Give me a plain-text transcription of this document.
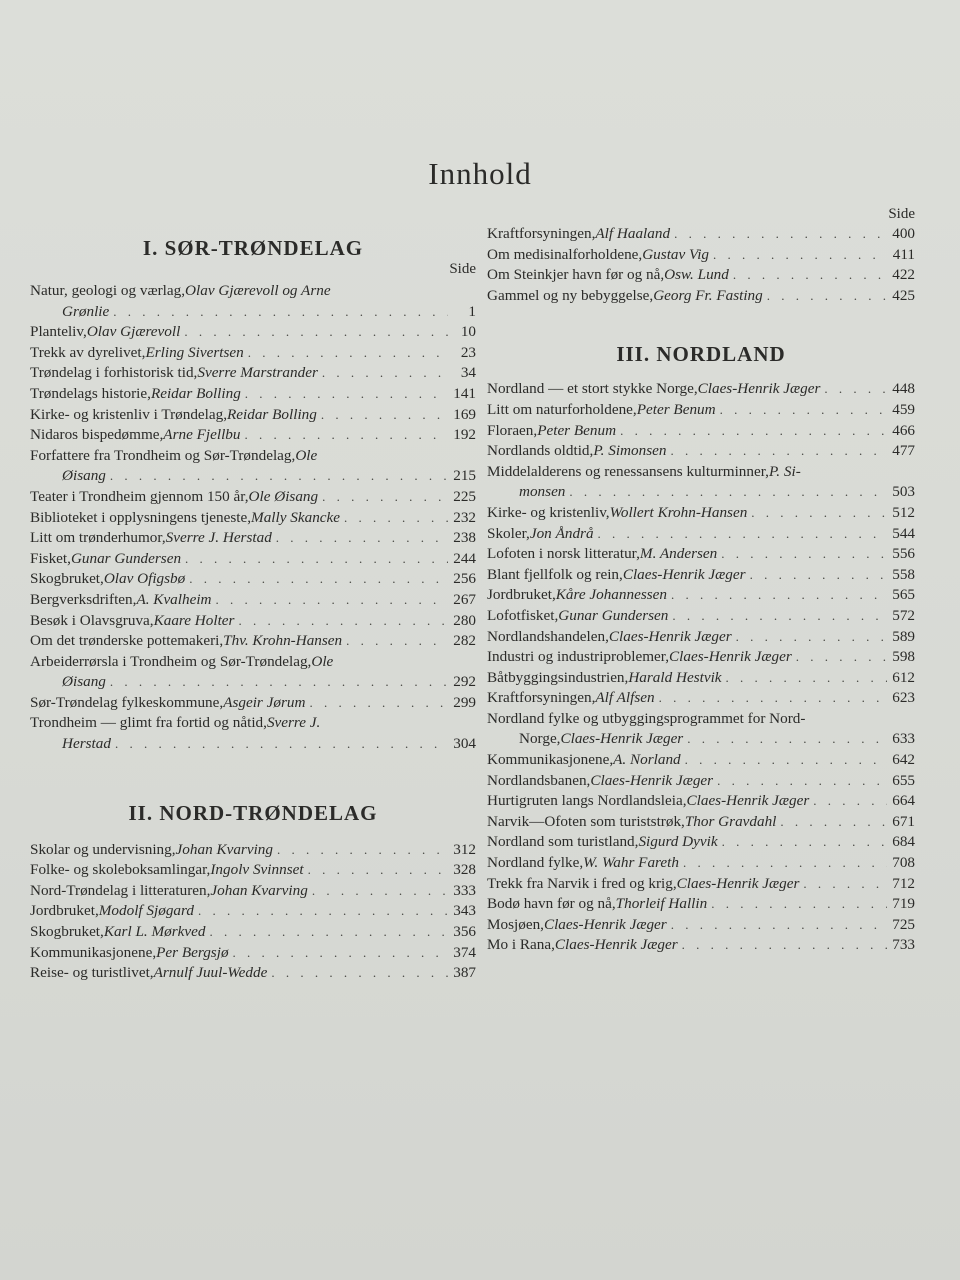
Innhold
I. SØR-TRØNDELAG
Side
Natur, geologi og værlag, Olav Gjærevoll og Arne
Grønlie . . .	1
Planteliv, Olav Gjærevoll . . .	10
Trekk av dyrelivet, Erling Sivertsen . . .	23
Trøndelag i forhistorisk tid, Sverre Marstrander . . .	34
Trøndelags historie, Reidar Bolling . . .	141
Kirke- og kristenliv i Trøndelag, Reidar Bolling . . .	169
Nidaros bispedømme, Arne Fjellbu . . .	192
Forfattere fra Trondheim og Sør-Trøndelag, Ole
Øisang . . .	215
Teater i Trondheim gjennom 150 år, Ole Øisang . . .	225
Biblioteket i opplysningens tjeneste, Mally Skancke . . .	232
Litt om trønderhumor, Sverre J. Herstad . . .	238
Fisket, Gunar Gundersen . . .	244
Skogbruket, Olav Ofigsbø . . .	256
Bergverksdriften, A. Kvalheim . . .	267
Besøk i Olavsgruva, Kaare Holter . . .	280
Om det trønderske pottemakeri, Thv. Krohn-Hansen . . .	282
Arbeiderrørsla i Trondheim og Sør-Trøndelag, Ole
Øisang . . .	292
Sør-Trøndelag fylkeskommune, Asgeir Jørum . . .	299
Trondheim — glimt fra fortid og nåtid, Sverre J.
Herstad . . .	304
II. NORD-TRØNDELAG
Skolar og undervisning, Johan Kvarving . . .	312
Folke- og skoleboksamlingar, Ingolv Svinnset . . .	328
Nord-Trøndelag i litteraturen, Johan Kvarving . . .	333
Jordbruket, Modolf Sjøgard . . .	343
Skogbruket, Karl L. Mørkved . . .	356
Kommunikasjonene, Per Bergsjø . . .	374
Reise- og turistlivet, Arnulf Juul-Wedde . . .	387
Side
Kraftforsyningen, Alf Haaland . . .	400
Om medisinalforholdene, Gustav Vig . . .	411
Om Steinkjer havn før og nå, Osw. Lund . . .	422
Gammel og ny bebyggelse, Georg Fr. Fasting . . .	425
III. NORDLAND
Nordland — et stort stykke Norge, Claes-Henrik Jæger . . .	448
Litt om naturforholdene, Peter Benum . . .	459
Floraen, Peter Benum . . .	466
Nordlands oldtid, P. Simonsen . . .	477
Middelalderens og renessansens kulturminner, P. Si-
monsen . . .	503
Kirke- og kristenliv, Wollert Krohn-Hansen . . .	512
Skoler, Jon Åndrå . . .	544
Lofoten i norsk litteratur, M. Andersen . . .	556
Blant fjellfolk og rein, Claes-Henrik Jæger . . .	558
Jordbruket, Kåre Johannessen . . .	565
Lofotfisket, Gunar Gundersen . . .	572
Nordlandshandelen, Claes-Henrik Jæger . . .	589
Industri og industriproblemer, Claes-Henrik Jæger . . .	598
Båtbyggingsindustrien, Harald Hestvik . . .	612
Kraftforsyningen, Alf Alfsen . . .	623
Nordland fylke og utbyggingsprogrammet for Nord-
Norge, Claes-Henrik Jæger . . .	633
Kommunikasjonene, A. Norland . . .	642
Nordlandsbanen, Claes-Henrik Jæger . . .	655
Hurtigruten langs Nordlandsleia, Claes-Henrik Jæger . . .	664
Narvik—Ofoten som turiststrøk, Thor Gravdahl . . .	671
Nordland som turistland, Sigurd Dyvik . . .	684
Nordland fylke, W. Wahr Fareth . . .	708
Trekk fra Narvik i fred og krig, Claes-Henrik Jæger . . .	712
Bodø havn før og nå, Thorleif Hallin . . .	719
Mosjøen, Claes-Henrik Jæger . . .	725
Mo i Rana, Claes-Henrik Jæger . . .	733
